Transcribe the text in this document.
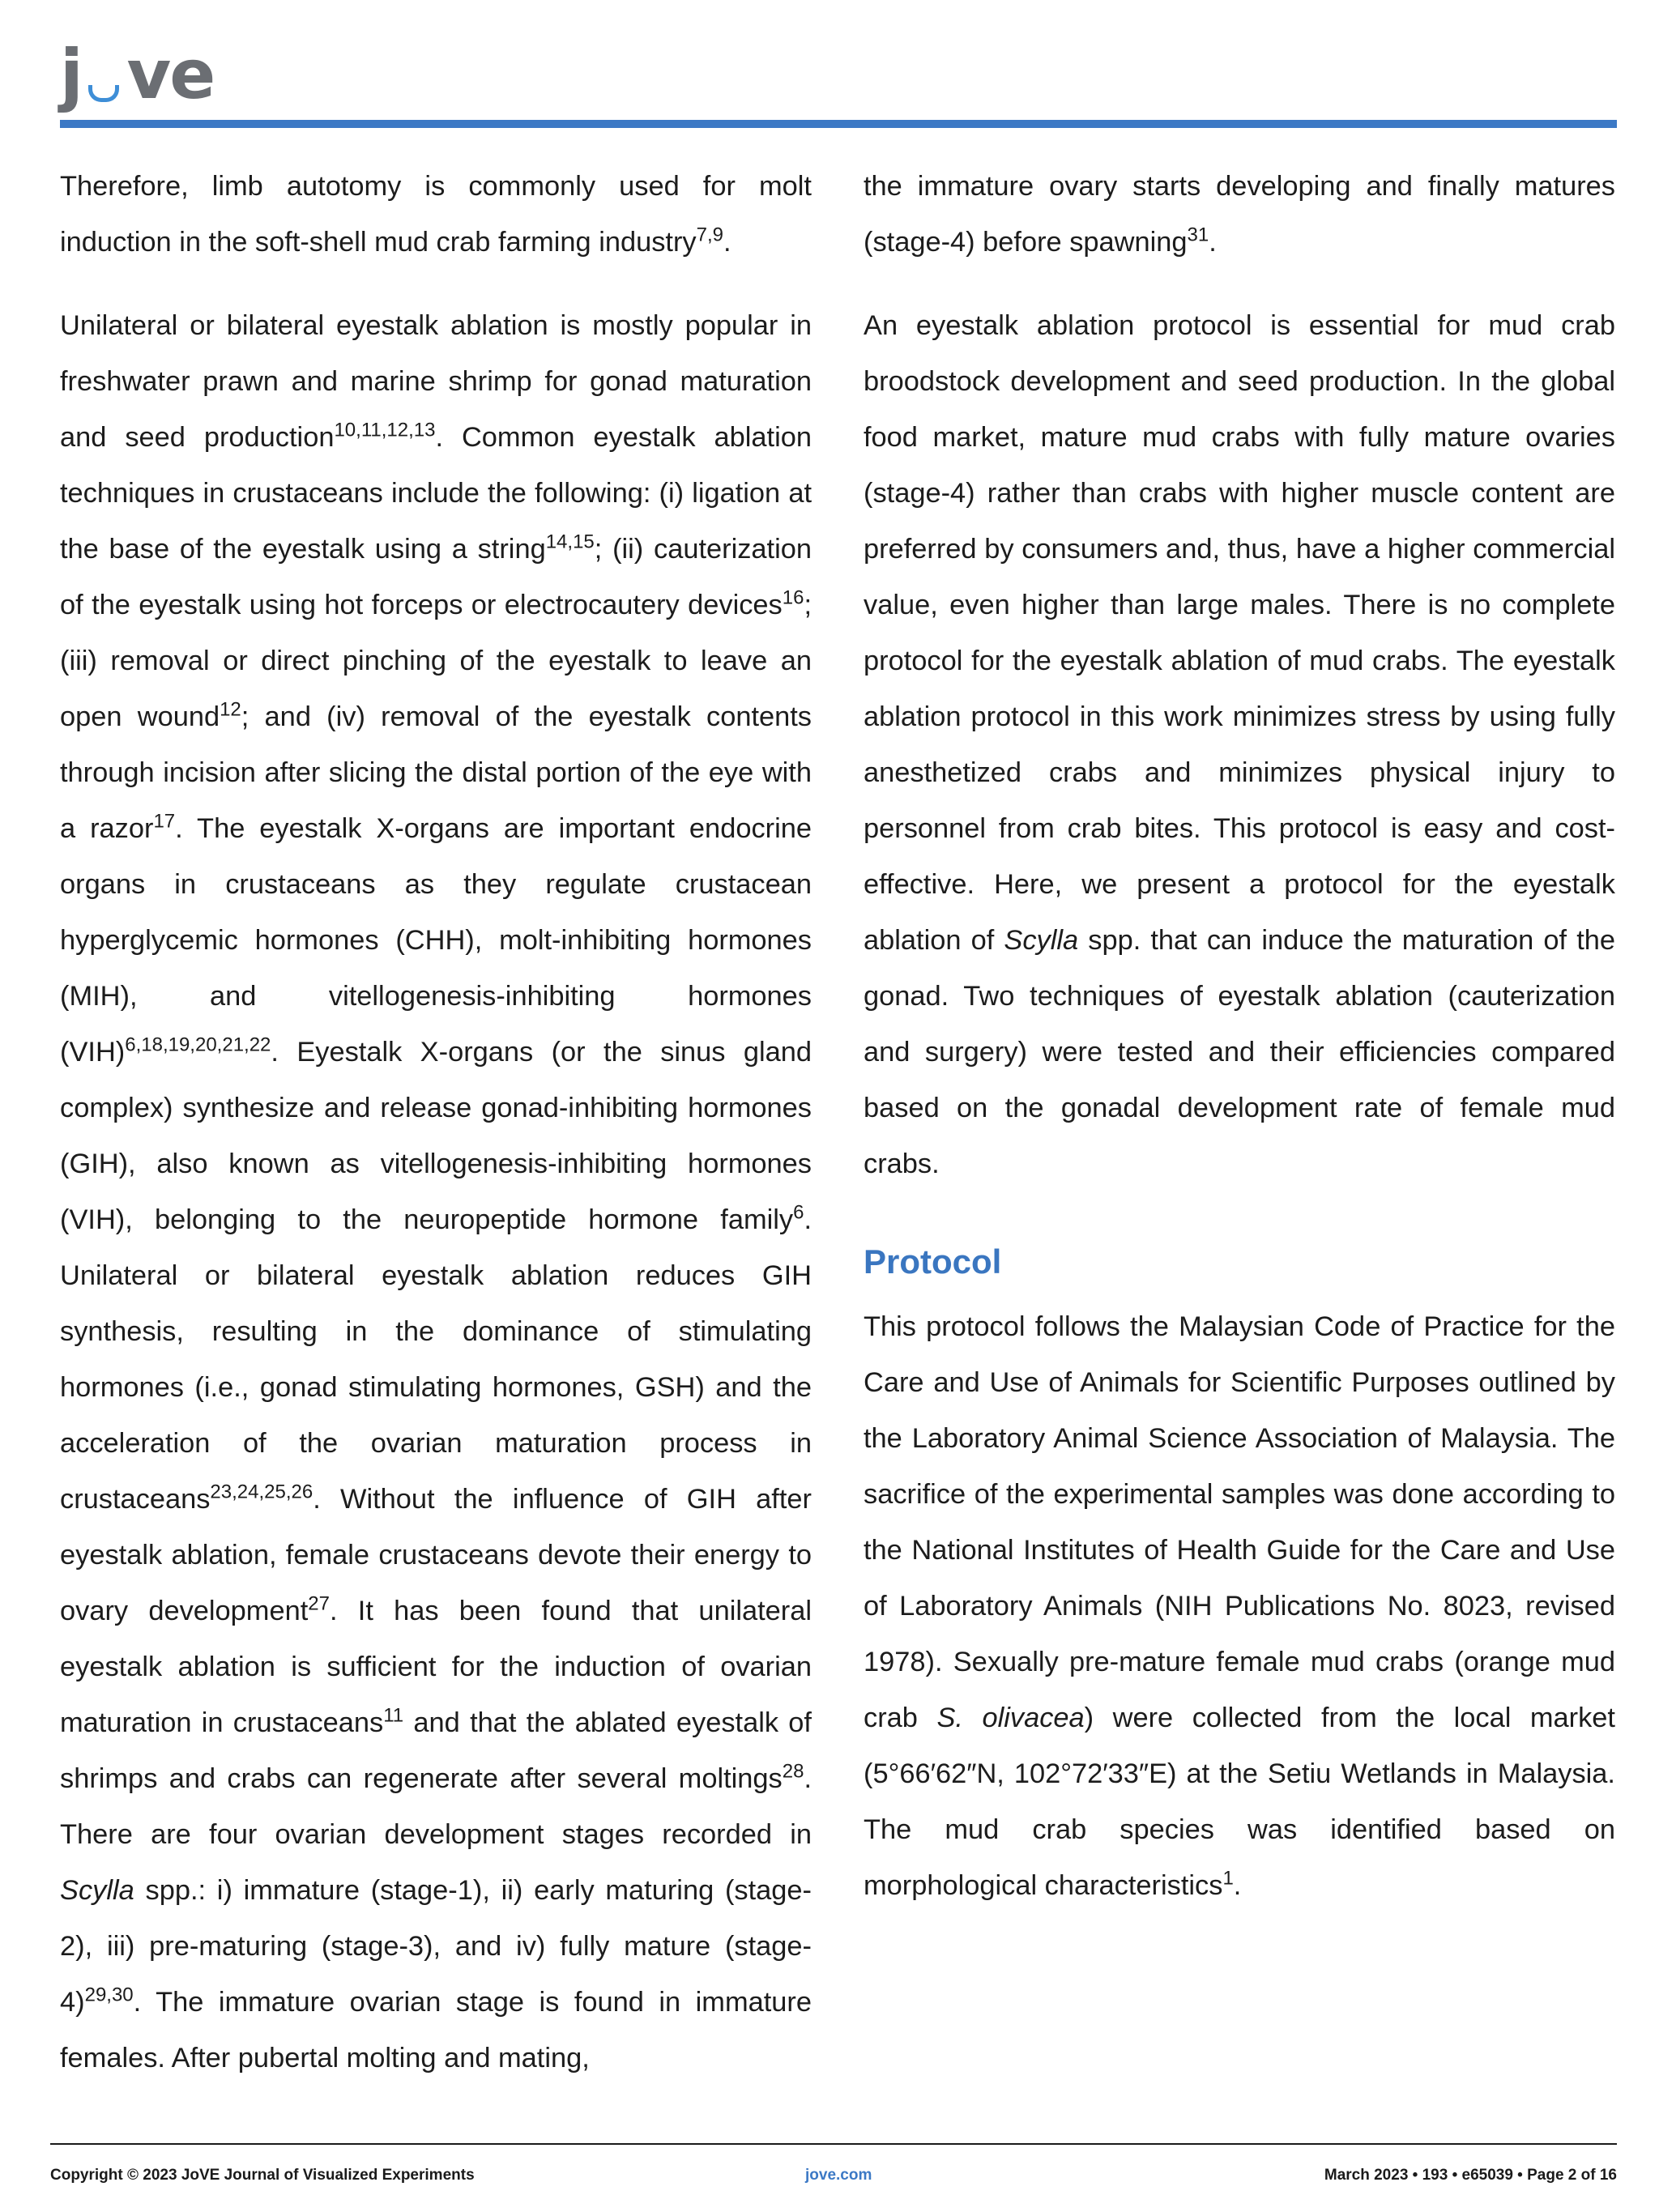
j ve

Therefore, limb autotomy is commonly used for molt induction in the soft-shell mud crab farming industry$^{7,9}$.

Unilateral or bilateral eyestalk ablation is mostly popular in freshwater prawn and marine shrimp for gonad maturation and seed production$^{10,11,12,13}$. Common eyestalk ablation techniques in crustaceans include the following: (i) ligation at the base of the eyestalk using a string$^{14,15}$; (ii) cauterization of the eyestalk using hot forceps or electrocautery devices$^{16}$; (iii) removal or direct pinching of the eyestalk to leave an open wound$^{12}$; and (iv) removal of the eyestalk contents through incision after slicing the distal portion of the eye with a razor$^{17}$. The eyestalk X-organs are important endocrine organs in crustaceans as they regulate crustacean hyperglycemic hormones (CHH), molt-inhibiting hormones (MIH), and vitellogenesis-inhibiting hormones (VIH)$^{6,18,19,20,21,22}$. Eyestalk X-organs (or the sinus gland complex) synthesize and release gonad-inhibiting hormones (GIH), also known as vitellogenesis-inhibiting hormones (VIH), belonging to the neuropeptide hormone family$^6$. Unilateral or bilateral eyestalk ablation reduces GIH synthesis, resulting in the dominance of stimulating hormones (i.e., gonad stimulating hormones, GSH) and the acceleration of the ovarian maturation process in crustaceans$^{23,24,25,26}$. Without the influence of GIH after eyestalk ablation, female crustaceans devote their energy to ovary development$^{27}$. It has been found that unilateral eyestalk ablation is sufficient for the induction of ovarian maturation in crustaceans$^{11}$ and that the ablated eyestalk of shrimps and crabs can regenerate after several moltings$^{28}$. There are four ovarian development stages recorded in Scylla spp.: i) immature (stage-1), ii) early maturing (stage-2), iii) pre-maturing (stage-3), and iv) fully mature (stage-4)$^{29,30}$. The immature ovarian stage is found in immature females. After pubertal molting and mating,

the immature ovary starts developing and finally matures (stage-4) before spawning$^{31}$.

An eyestalk ablation protocol is essential for mud crab broodstock development and seed production. In the global food market, mature mud crabs with fully mature ovaries (stage-4) rather than crabs with higher muscle content are preferred by consumers and, thus, have a higher commercial value, even higher than large males. There is no complete protocol for the eyestalk ablation of mud crabs. The eyestalk ablation protocol in this work minimizes stress by using fully anesthetized crabs and minimizes physical injury to personnel from crab bites. This protocol is easy and cost-effective. Here, we present a protocol for the eyestalk ablation of Scylla spp. that can induce the maturation of the gonad. Two techniques of eyestalk ablation (cauterization and surgery) were tested and their efficiencies compared based on the gonadal development rate of female mud crabs.

Protocol

This protocol follows the Malaysian Code of Practice for the Care and Use of Animals for Scientific Purposes outlined by the Laboratory Animal Science Association of Malaysia. The sacrifice of the experimental samples was done according to the National Institutes of Health Guide for the Care and Use of Laboratory Animals (NIH Publications No. 8023, revised 1978). Sexually pre-mature female mud crabs (orange mud crab S. olivacea) were collected from the local market (5°66′62″N, 102°72′33″E) at the Setiu Wetlands in Malaysia. The mud crab species was identified based on morphological characteristics$^1$.

Copyright © 2023 JoVE Journal of Visualized Experiments	jove.com	March 2023 • 193 • e65039 • Page 2 of 16
